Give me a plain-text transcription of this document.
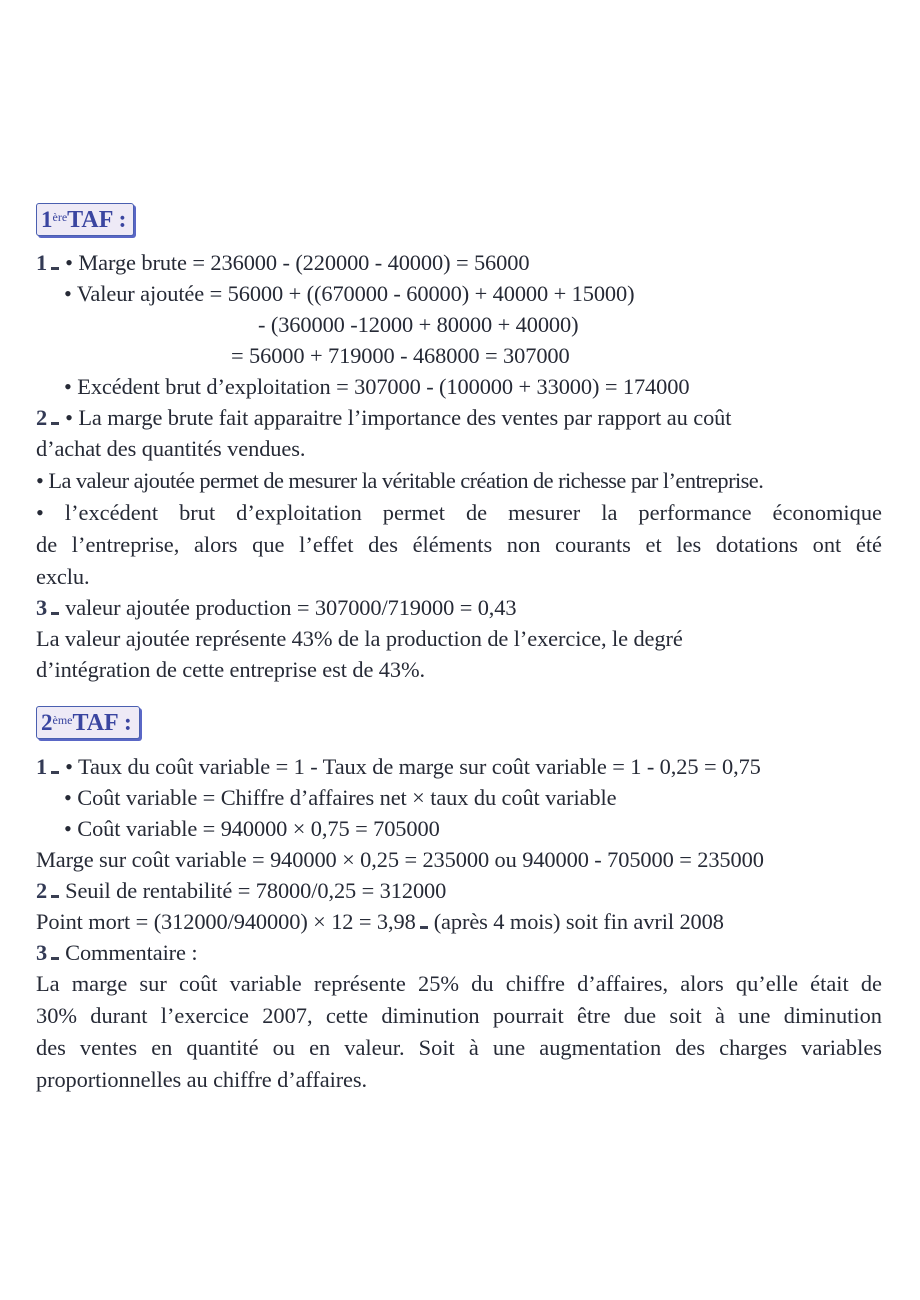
1èreTAF :
1 • Marge brute = 236000 - (220000 - 40000) = 56000
• Valeur ajoutée = 56000 + ((670000 - 60000) + 40000 + 15000)
- (360000 -12000 + 80000 + 40000)
= 56000 + 719000 - 468000 = 307000
• Excédent brut d’exploitation = 307000 - (100000 + 33000) = 174000
2 • La marge brute fait apparaitre l’importance des ventes par rapport au coût
d’achat des quantités vendues.
• La valeur ajoutée permet de mesurer la véritable création de richesse par l’entreprise.
• l’excédent brut d’exploitation permet de mesurer la performance économique
de l’entreprise, alors que l’effet des éléments non courants et les dotations ont été
exclu.
3 valeur ajoutée production = 307000/719000 = 0,43
La valeur ajoutée représente 43% de la production de l’exercice, le degré
d’intégration de cette entreprise est de 43%.
2èmeTAF :
1 • Taux du coût variable = 1 - Taux de marge sur coût variable = 1 - 0,25 = 0,75
• Coût variable = Chiffre d’affaires net × taux du coût variable
• Coût variable = 940000 × 0,75 = 705000
Marge sur coût variable = 940000 × 0,25 = 235000 ou 940000 - 705000 = 235000
2 Seuil de rentabilité = 78000/0,25 = 312000
Point mort = (312000/940000) × 12 = 3,98 (après 4 mois) soit fin avril 2008
3 Commentaire :
La marge sur coût variable représente 25% du chiffre d’affaires, alors qu’elle était de
30% durant l’exercice 2007, cette diminution pourrait être due soit à une diminution
des ventes en quantité ou en valeur. Soit à une augmentation des charges variables
proportionnelles au chiffre d’affaires.
